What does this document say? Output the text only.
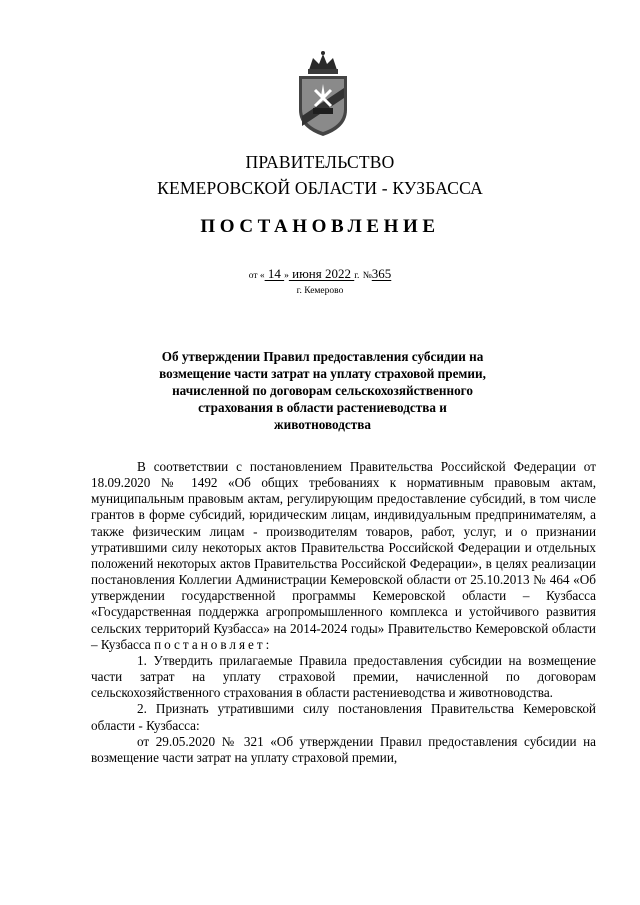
ПРАВИТЕЛЬСТВО
КЕМЕРОВСКОЙ ОБЛАСТИ - КУЗБАССА
ПОСТАНОВЛЕНИЕ
от « 14 » июня 2022 г. №365
г. Кемерово
Об утверждении Правил предоставления субсидии на возмещение части затрат на уплату страховой премии, начисленной по договорам сельскохозяйственного страхования в области растениеводства и животноводства

В соответствии с постановлением Правительства Российской Федерации от 18.09.2020 № 1492 «Об общих требованиях к нормативным правовым актам, муниципальным правовым актам, регулирующим предоставление субсидий, в том числе грантов в форме субсидий, юридическим лицам, индивидуальным предпринимателям, а также физическим лицам - производителям товаров, работ, услуг, и о признании утратившими силу некоторых актов Правительства Российской Федерации и отдельных положений некоторых актов Правительства Российской Федерации», в целях реализации постановления Коллегии Администрации Кемеровской области от 25.10.2013 № 464 «Об утверждении государственной программы Кемеровской области – Кузбасса «Государственная поддержка агропромышленного комплекса и устойчивого развития сельских территорий Кузбасса» на 2014-2024 годы» Правительство Кемеровской области – Кузбасса постановляет:

1. Утвердить прилагаемые Правила предоставления субсидии на возмещение части затрат на уплату страховой премии, начисленной по договорам сельскохозяйственного страхования в области растениеводства и животноводства.

2. Признать утратившими силу постановления Правительства Кемеровской области - Кузбасса:

от 29.05.2020 № 321 «Об утверждении Правил предоставления субсидии на возмещение части затрат на уплату страховой премии,
